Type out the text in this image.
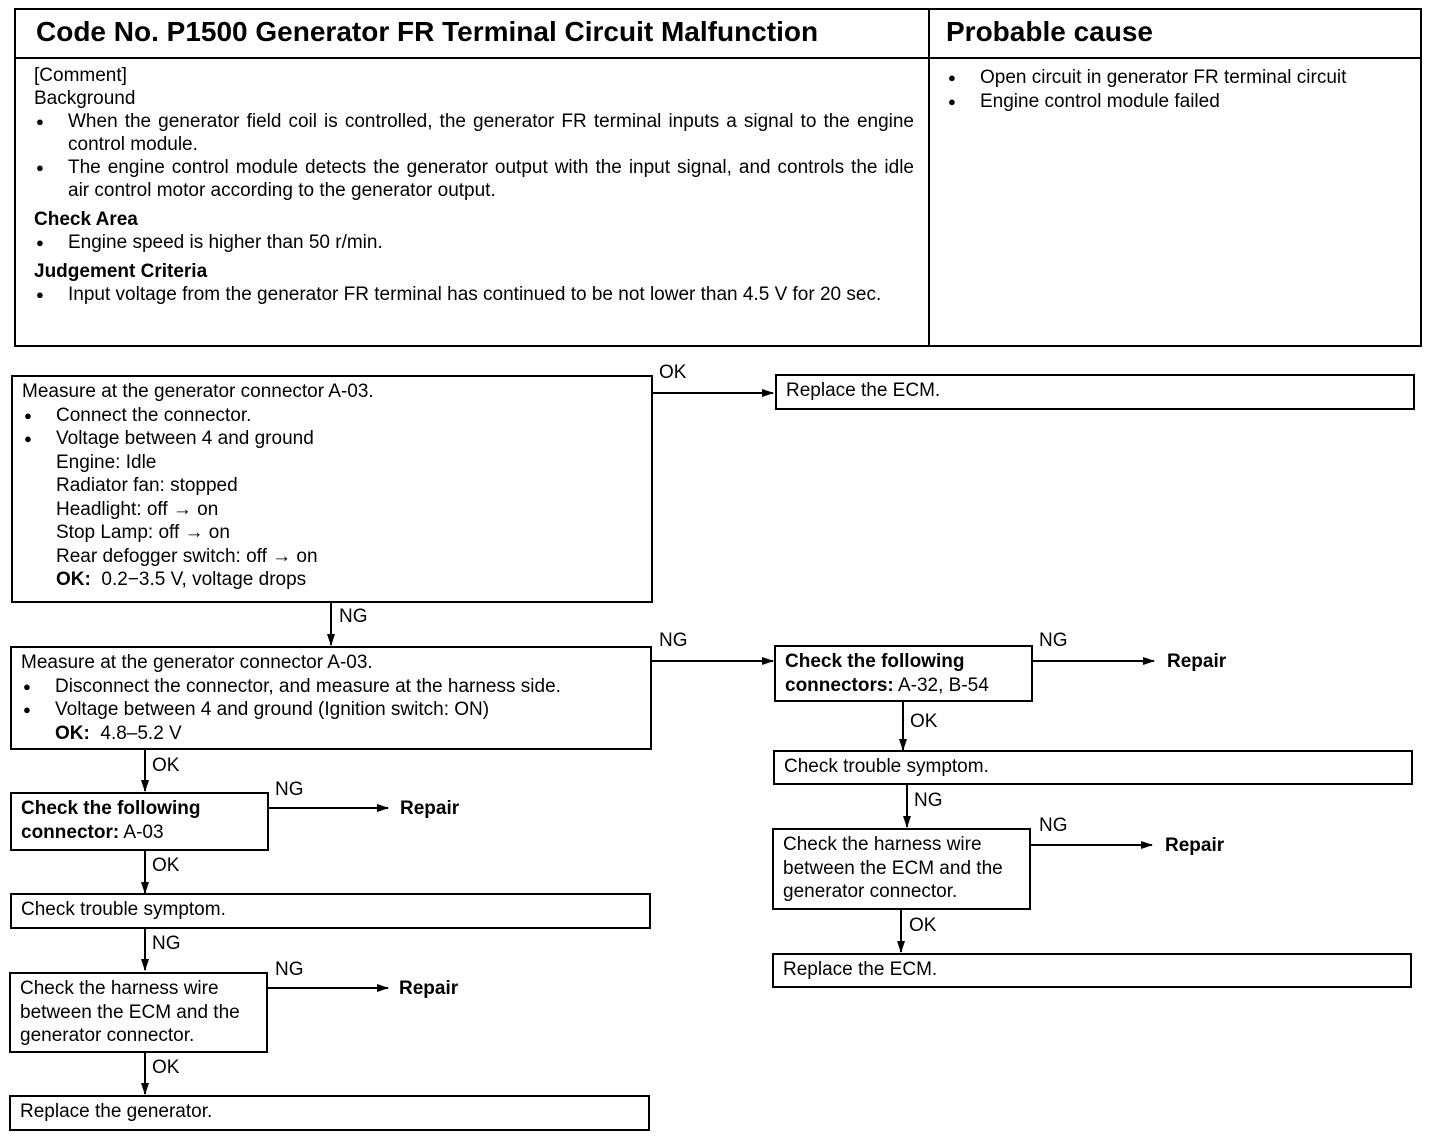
Code No. P1500 Generator FR Terminal Circuit Malfunction	Probable cause
[Comment]
Background
● When the generator field coil is controlled, the generator FR terminal inputs a signal to the engine control module.
● The engine control module detects the generator output with the input signal, and controls the idle air control motor according to the generator output.
Check Area
● Engine speed is higher than 50 r/min.
Judgement Criteria
● Input voltage from the generator FR terminal has continued to be not lower than 4.5 V for 20 sec.
● Open circuit in generator FR terminal circuit
● Engine control module failed
Measure at the generator connector A-03.
● Connect the connector.
● Voltage between 4 and ground
Engine: Idle
Radiator fan: stopped
Headlight: off → on
Stop Lamp: off → on
Rear defogger switch: off → on
OK: 0.2−3.5 V, voltage drops
Replace the ECM.
Measure at the generator connector A-03.
● Disconnect the connector, and measure at the harness side.
● Voltage between 4 and ground (Ignition switch: ON)
OK: 4.8–5.2 V
Check the following
connectors: A-32, B-54
Check trouble symptom.
Check the harness wire
between the ECM and the
generator connector.
Replace the ECM.
Check the following
connector: A-03
Check trouble symptom.
Check the harness wire
between the ECM and the
generator connector.
Replace the generator.
OK
NG
NG	NG
OK
NG
NG
OK
OK
NG
OK
NG
NG
OK
Repair
Repair
Repair
Repair
